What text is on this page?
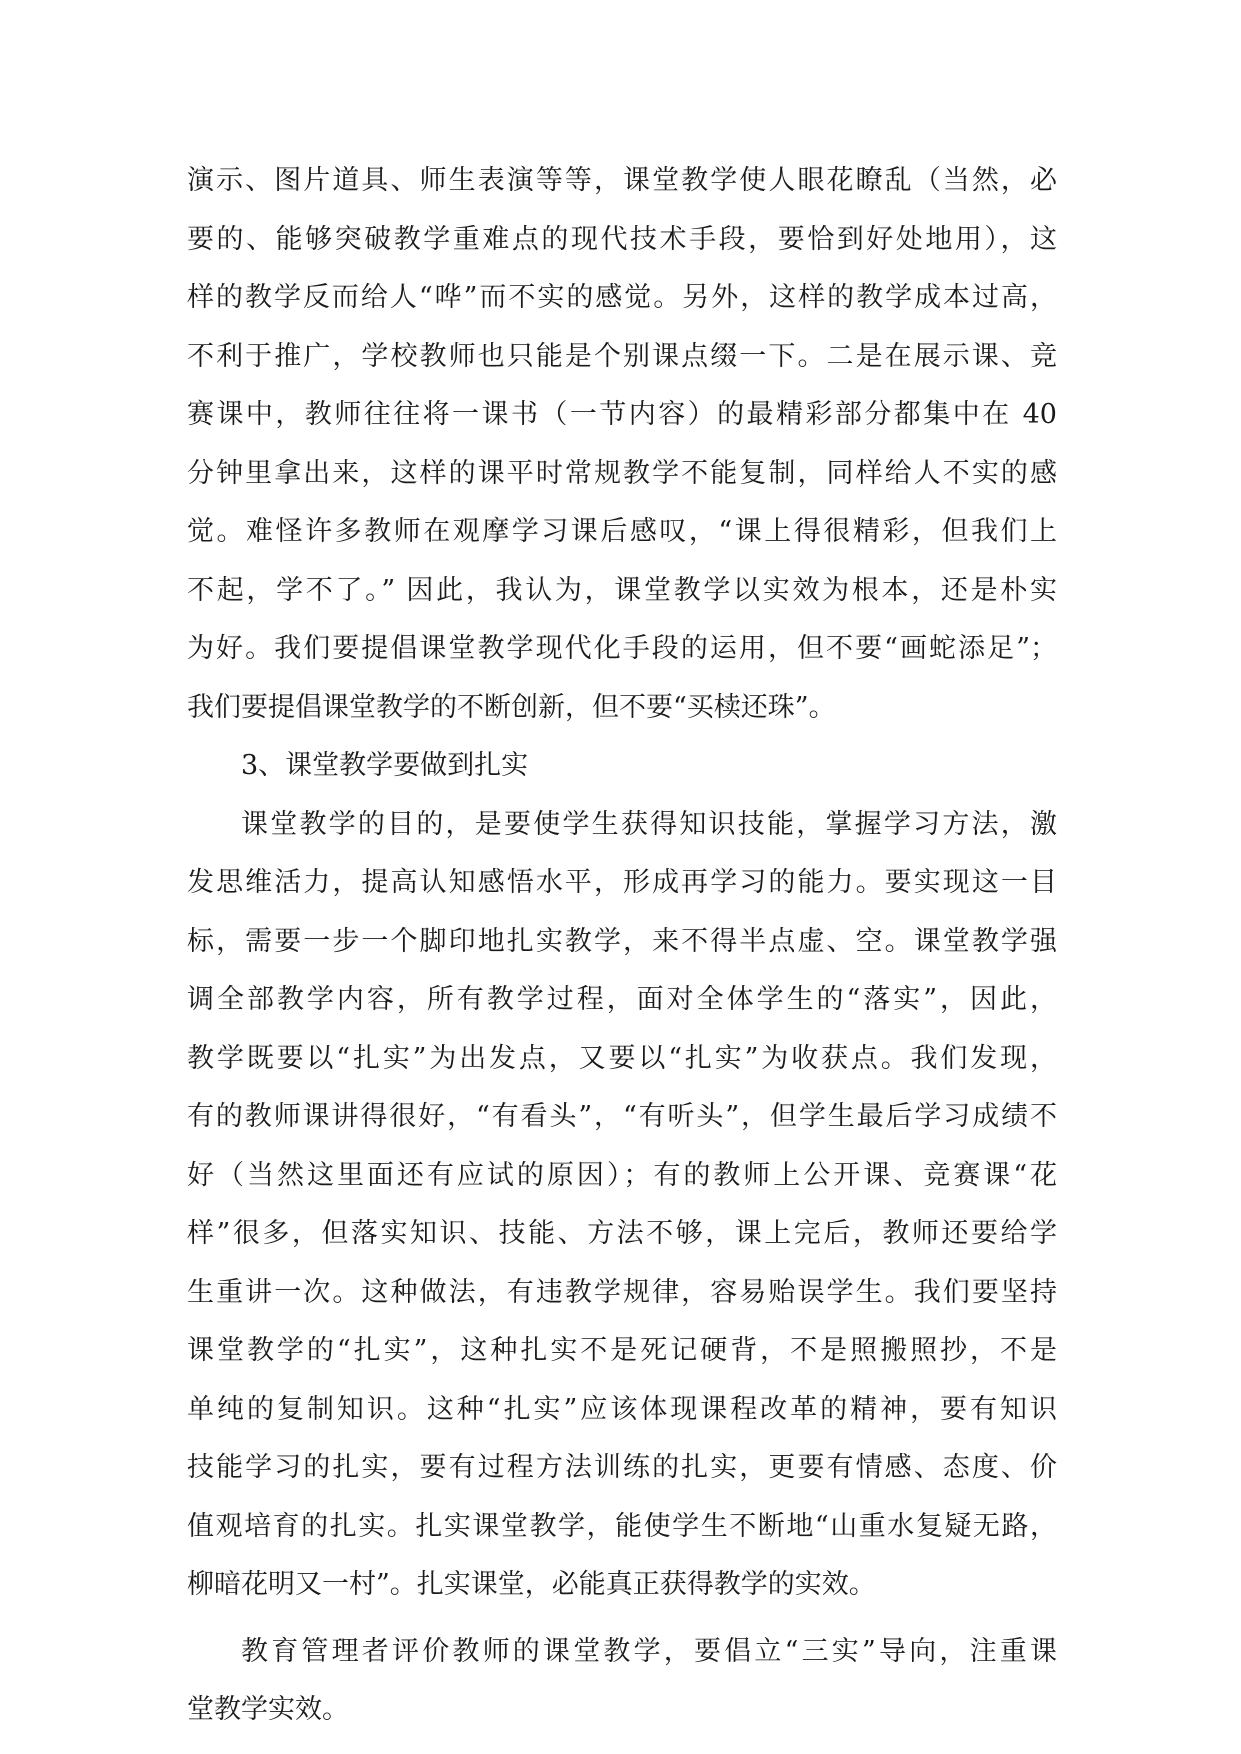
演示、图片道具、师生表演等等，课堂教学使人眼花瞭乱（当然，必
要的、能够突破教学重难点的现代技术手段，要恰到好处地用），这
样的教学反而给人“哗”而不实的感觉。另外，这样的教学成本过高，
不利于推广，学校教师也只能是个别课点缀一下。二是在展示课、竞
赛课中，教师往往将一课书（一节内容）的最精彩部分都集中在 40
分钟里拿出来，这样的课平时常规教学不能复制，同样给人不实的感
觉。难怪许多教师在观摩学习课后感叹，“课上得很精彩，但我们上
不起，学不了。” 因此，我认为，课堂教学以实效为根本，还是朴实
为好。我们要提倡课堂教学现代化手段的运用，但不要“画蛇添足”；
我们要提倡课堂教学的不断创新，但不要“买椟还珠”。
3、课堂教学要做到扎实
课堂教学的目的，是要使学生获得知识技能，掌握学习方法，激
发思维活力，提高认知感悟水平，形成再学习的能力。要实现这一目
标，需要一步一个脚印地扎实教学，来不得半点虚、空。课堂教学强
调全部教学内容，所有教学过程，面对全体学生的“落实”，因此，
教学既要以“扎实”为出发点，又要以“扎实”为收获点。我们发现，
有的教师课讲得很好，“有看头”，“有听头”，但学生最后学习成绩不
好（当然这里面还有应试的原因）；有的教师上公开课、竞赛课“花
样”很多，但落实知识、技能、方法不够，课上完后，教师还要给学
生重讲一次。这种做法，有违教学规律，容易贻误学生。我们要坚持
课堂教学的“扎实”，这种扎实不是死记硬背，不是照搬照抄，不是
单纯的复制知识。这种“扎实”应该体现课程改革的精神，要有知识
技能学习的扎实，要有过程方法训练的扎实，更要有情感、态度、价
值观培育的扎实。扎实课堂教学，能使学生不断地“山重水复疑无路，
柳暗花明又一村”。扎实课堂，必能真正获得教学的实效。
教育管理者评价教师的课堂教学，要倡立“三实”导向，注重课
堂教学实效。
